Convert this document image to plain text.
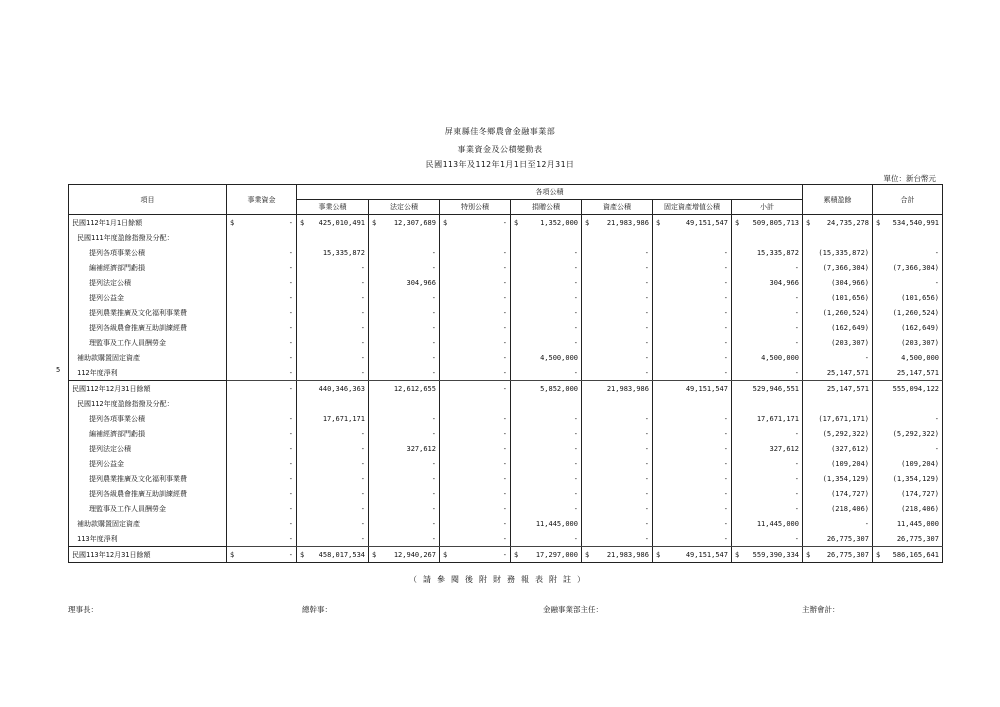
屏東縣佳冬鄉農會金融事業部
事業資金及公積變動表
民國113年及112年1月1日至12月31日
單位：新台幣元
5
項目	事業資金	各項公積							累積盈餘	合計
		事業公積	法定公積	特別公積	捐贈公積	資產公積	固定資產增值公積	小計		
民國112年1月1日餘額	$ -	$ 425,010,491	$ 12,307,689	$ -	$ 1,352,000	$ 21,983,986	$ 49,151,547	$ 509,805,713	$ 24,735,278	$ 534,540,991
民國111年度盈餘指撥及分配：										
提列各項事業公積	-	15,335,872	-	-	-	-	-	15,335,872	(15,335,872)	-
編補經濟部門虧損	-	-	-	-	-	-	-	-	(7,366,304)	(7,366,304)
提列法定公積	-	-	304,966	-	-	-	-	304,966	(304,966)	-
提列公益金	-	-	-	-	-	-	-	-	(101,656)	(101,656)
提列農業推廣及文化福利事業費	-	-	-	-	-	-	-	-	(1,260,524)	(1,260,524)
提列各級農會推廣互助訓練經費	-	-	-	-	-	-	-	-	(162,649)	(162,649)
理監事及工作人員酬勞金	-	-	-	-	-	-	-	-	(203,307)	(203,307)
補助款購置固定資產	-	-	-	-	4,500,000	-	-	4,500,000	-	4,500,000
112年度淨利	-	-	-	-	-	-	-	-	25,147,571	25,147,571
民國112年12月31日餘額	-	440,346,363	12,612,655	-	5,852,000	21,983,986	49,151,547	529,946,551	25,147,571	555,094,122
民國112年度盈餘指撥及分配：										
提列各項事業公積	-	17,671,171	-	-	-	-	-	17,671,171	(17,671,171)	-
編補經濟部門虧損	-	-	-	-	-	-	-	-	(5,292,322)	(5,292,322)
提列法定公積	-	-	327,612	-	-	-	-	327,612	(327,612)	-
提列公益金	-	-	-	-	-	-	-	-	(109,204)	(109,204)
提列農業推廣及文化福利事業費	-	-	-	-	-	-	-	-	(1,354,129)	(1,354,129)
提列各級農會推廣互助訓練經費	-	-	-	-	-	-	-	-	(174,727)	(174,727)
理監事及工作人員酬勞金	-	-	-	-	-	-	-	-	(218,406)	(218,406)
補助款購置固定資產	-	-	-	-	11,445,000	-	-	11,445,000	-	11,445,000
113年度淨利	-	-	-	-	-	-	-	-	26,775,307	26,775,307
民國113年12月31日餘額	$ -	$ 458,017,534	$ 12,940,267	$ -	$ 17,297,000	$ 21,983,986	$ 49,151,547	$ 559,390,334	$ 26,775,307	$ 586,165,641
（請參閱後附財務報表附註）
理事長：	總幹事：	金融事業部主任：	主辦會計：
